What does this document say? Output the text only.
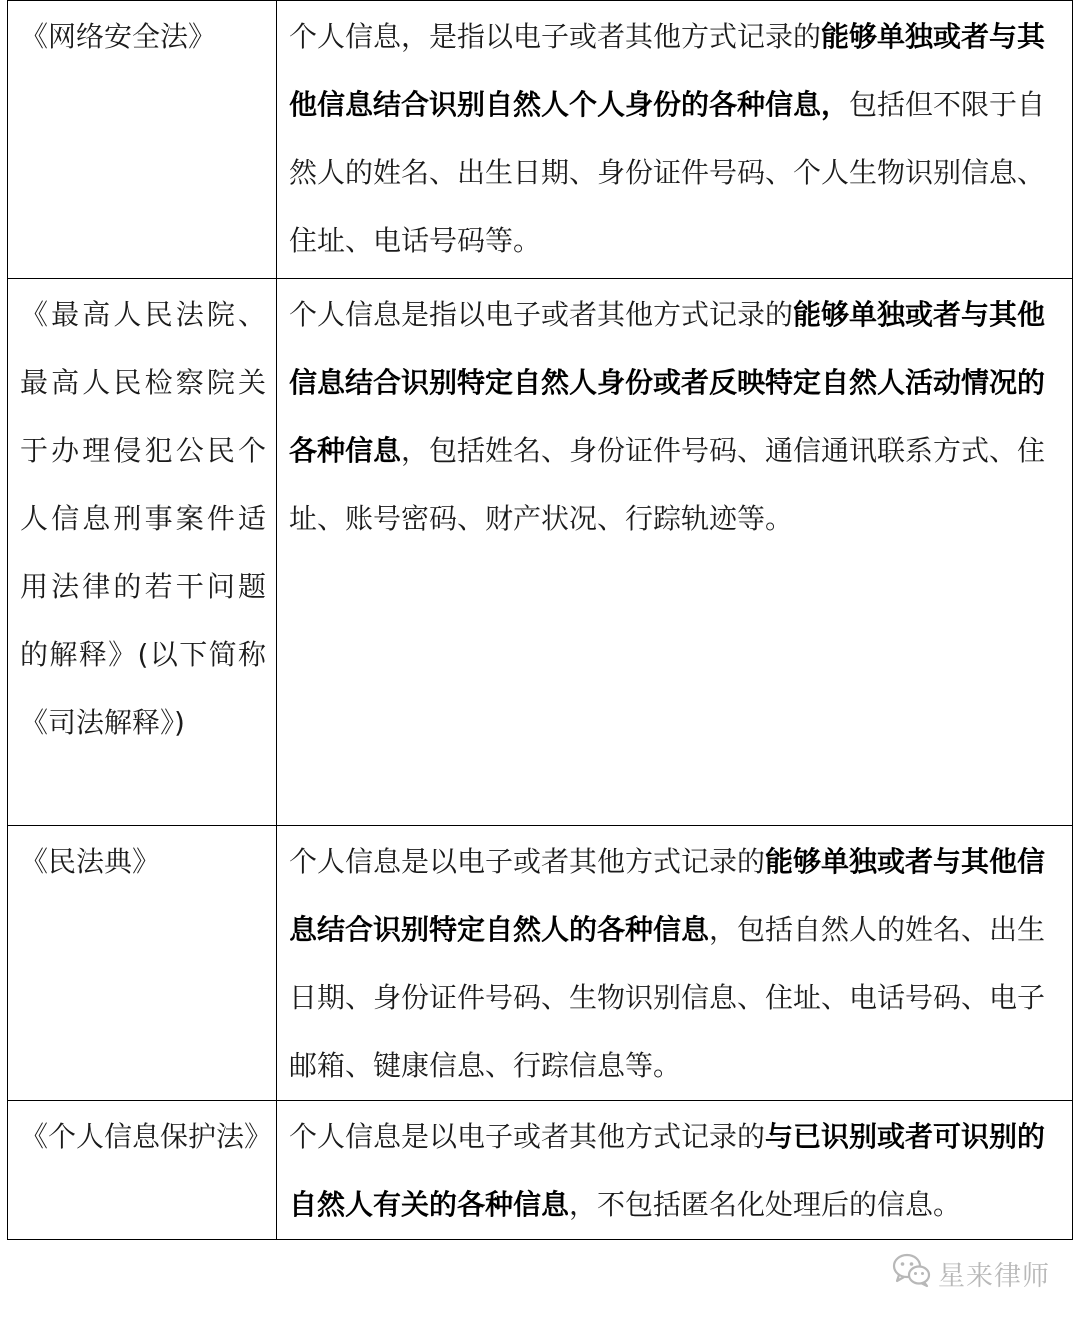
《网络安全法》	个人信息，是指以电子或者其他方式记录的能够单独或者与其他信息结合识别自然人个人身份的各种信息，包括但不限于自然人的姓名、出生日期、身份证件号码、个人生物识别信息、住址、电话号码等。
《最高人民法院、最高人民检察院关于办理侵犯公民个人信息刑事案件适用法律的若干问题的解释》(以下简称《司法解释》)	个人信息是指以电子或者其他方式记录的能够单独或者与其他信息结合识别特定自然人身份或者反映特定自然人活动情况的各种信息，包括姓名、身份证件号码、通信通讯联系方式、住址、账号密码、财产状况、行踪轨迹等。
《民法典》	个人信息是以电子或者其他方式记录的能够单独或者与其他信息结合识别特定自然人的各种信息，包括自然人的姓名、出生日期、身份证件号码、生物识别信息、住址、电话号码、电子邮箱、键康信息、行踪信息等。
《个人信息保护法》	个人信息是以电子或者其他方式记录的与已识别或者可识别的自然人有关的各种信息，不包括匿名化处理后的信息。
星来律师
